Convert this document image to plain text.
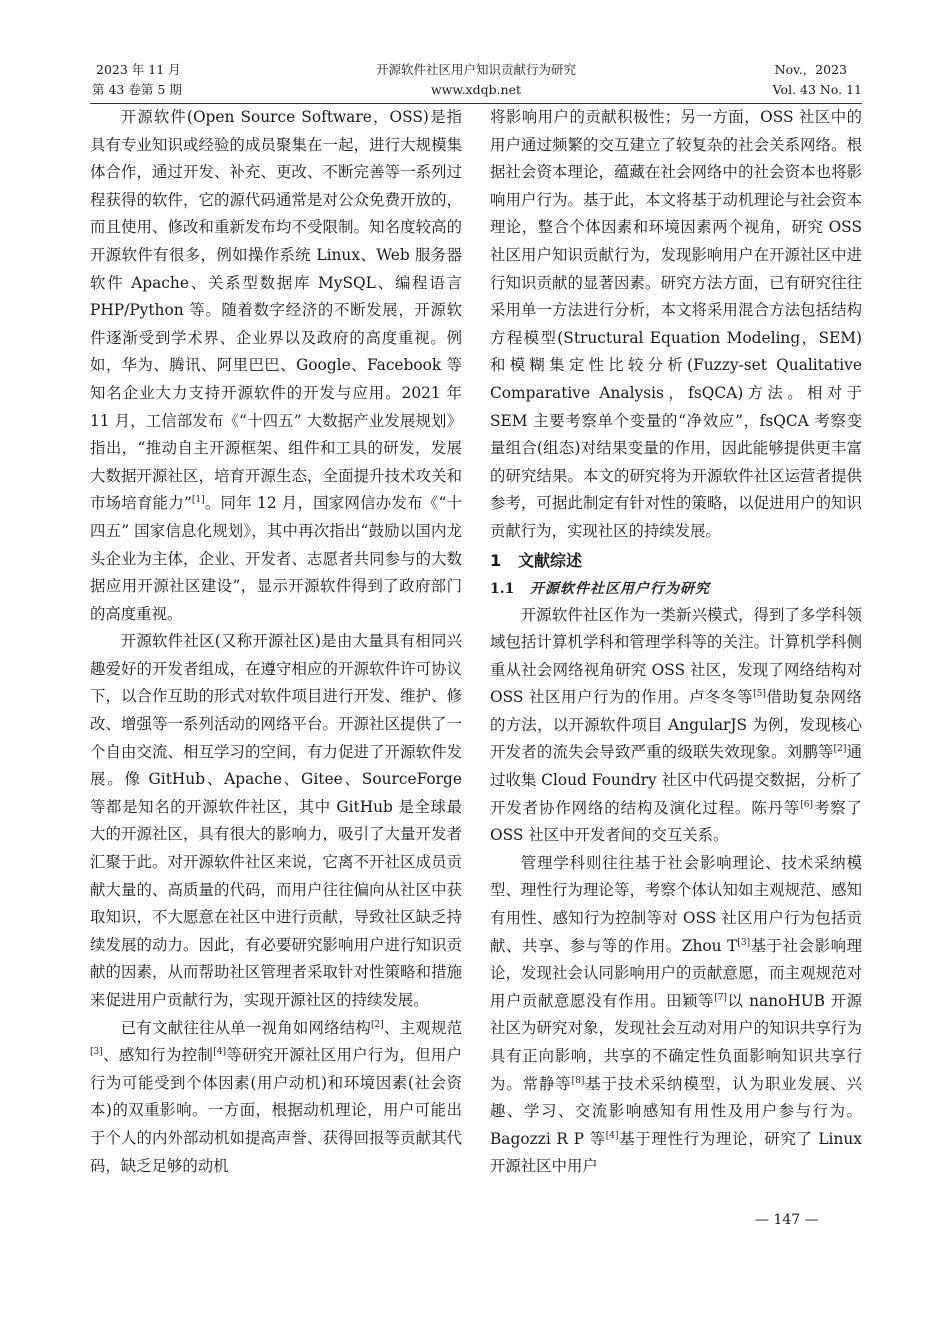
2023 年 11 月
第 43 卷第 5 期
开源软件社区用户知识贡献行为研究
www.xdqb.net
Nov.，2023
Vol. 43 No. 11

开源软件(Open Source Software，OSS)是指具有专业知识或经验的成员聚集在一起，进行大规模集体合作，通过开发、补充、更改、不断完善等一系列过程获得的软件，它的源代码通常是对公众免费开放的，而且使用、修改和重新发布均不受限制。知名度较高的开源软件有很多，例如操作系统 Linux、Web 服务器软件 Apache、关系型数据库 MySQL、编程语言 PHP/Python 等。随着数字经济的不断发展，开源软件逐渐受到学术界、企业界以及政府的高度重视。例如，华为、腾讯、阿里巴巴、Google、Facebook 等知名企业大力支持开源软件的开发与应用。2021 年 11 月，工信部发布《“十四五” 大数据产业发展规划》指出，“推动自主开源框架、组件和工具的研发，发展大数据开源社区，培育开源生态，全面提升技术攻关和市场培育能力”[1]。同年 12 月，国家网信办发布《“十四五” 国家信息化规划》，其中再次指出“鼓励以国内龙头企业为主体，企业、开发者、志愿者共同参与的大数据应用开源社区建设”，显示开源软件得到了政府部门的高度重视。

开源软件社区(又称开源社区)是由大量具有相同兴趣爱好的开发者组成，在遵守相应的开源软件许可协议下，以合作互助的形式对软件项目进行开发、维护、修改、增强等一系列活动的网络平台。开源社区提供了一个自由交流、相互学习的空间，有力促进了开源软件发展。像 GitHub、Apache、Gitee、SourceForge 等都是知名的开源软件社区，其中 GitHub 是全球最大的开源社区，具有很大的影响力，吸引了大量开发者汇聚于此。对开源软件社区来说，它离不开社区成员贡献大量的、高质量的代码，而用户往往偏向从社区中获取知识，不大愿意在社区中进行贡献，导致社区缺乏持续发展的动力。因此，有必要研究影响用户进行知识贡献的因素，从而帮助社区管理者采取针对性策略和措施来促进用户贡献行为，实现开源社区的持续发展。

已有文献往往从单一视角如网络结构[2]、主观规范[3]、感知行为控制[4]等研究开源社区用户行为，但用户行为可能受到个体因素(用户动机)和环境因素(社会资本)的双重影响。一方面，根据动机理论，用户可能出于个人的内外部动机如提高声誉、获得回报等贡献其代码，缺乏足够的动机

将影响用户的贡献积极性；另一方面，OSS 社区中的用户通过频繁的交互建立了较复杂的社会关系网络。根据社会资本理论，蕴藏在社会网络中的社会资本也将影响用户行为。基于此，本文将基于动机理论与社会资本理论，整合个体因素和环境因素两个视角，研究 OSS 社区用户知识贡献行为，发现影响用户在开源社区中进行知识贡献的显著因素。研究方法方面，已有研究往往采用单一方法进行分析，本文将采用混合方法包括结构方程模型(Structural Equation Modeling，SEM)和模糊集定性比较分析(Fuzzy-set Qualitative Comparative Analysis，fsQCA)方法。相对于 SEM 主要考察单个变量的“净效应”，fsQCA 考察变量组合(组态)对结果变量的作用，因此能够提供更丰富的研究结果。本文的研究将为开源软件社区运营者提供参考，可据此制定有针对性的策略，以促进用户的知识贡献行为，实现社区的持续发展。

1 文献综述
1.1 开源软件社区用户行为研究

开源软件社区作为一类新兴模式，得到了多学科领域包括计算机学科和管理学科等的关注。计算机学科侧重从社会网络视角研究 OSS 社区，发现了网络结构对 OSS 社区用户行为的作用。卢冬冬等[5]借助复杂网络的方法，以开源软件项目 AngularJS 为例，发现核心开发者的流失会导致严重的级联失效现象。刘鹏等[2]通过收集 Cloud Foundry 社区中代码提交数据，分析了开发者协作网络的结构及演化过程。陈丹等[6]考察了 OSS 社区中开发者间的交互关系。

管理学科则往往基于社会影响理论、技术采纳模型、理性行为理论等，考察个体认知如主观规范、感知有用性、感知行为控制等对 OSS 社区用户行为包括贡献、共享、参与等的作用。Zhou T[3]基于社会影响理论，发现社会认同影响用户的贡献意愿，而主观规范对用户贡献意愿没有作用。田颖等[7]以 nanoHUB 开源社区为研究对象，发现社会互动对用户的知识共享行为具有正向影响，共享的不确定性负面影响知识共享行为。常静等[8]基于技术采纳模型，认为职业发展、兴趣、学习、交流影响感知有用性及用户参与行为。Bagozzi R P 等[4]基于理性行为理论，研究了 Linux 开源社区中用户

— 147 —
